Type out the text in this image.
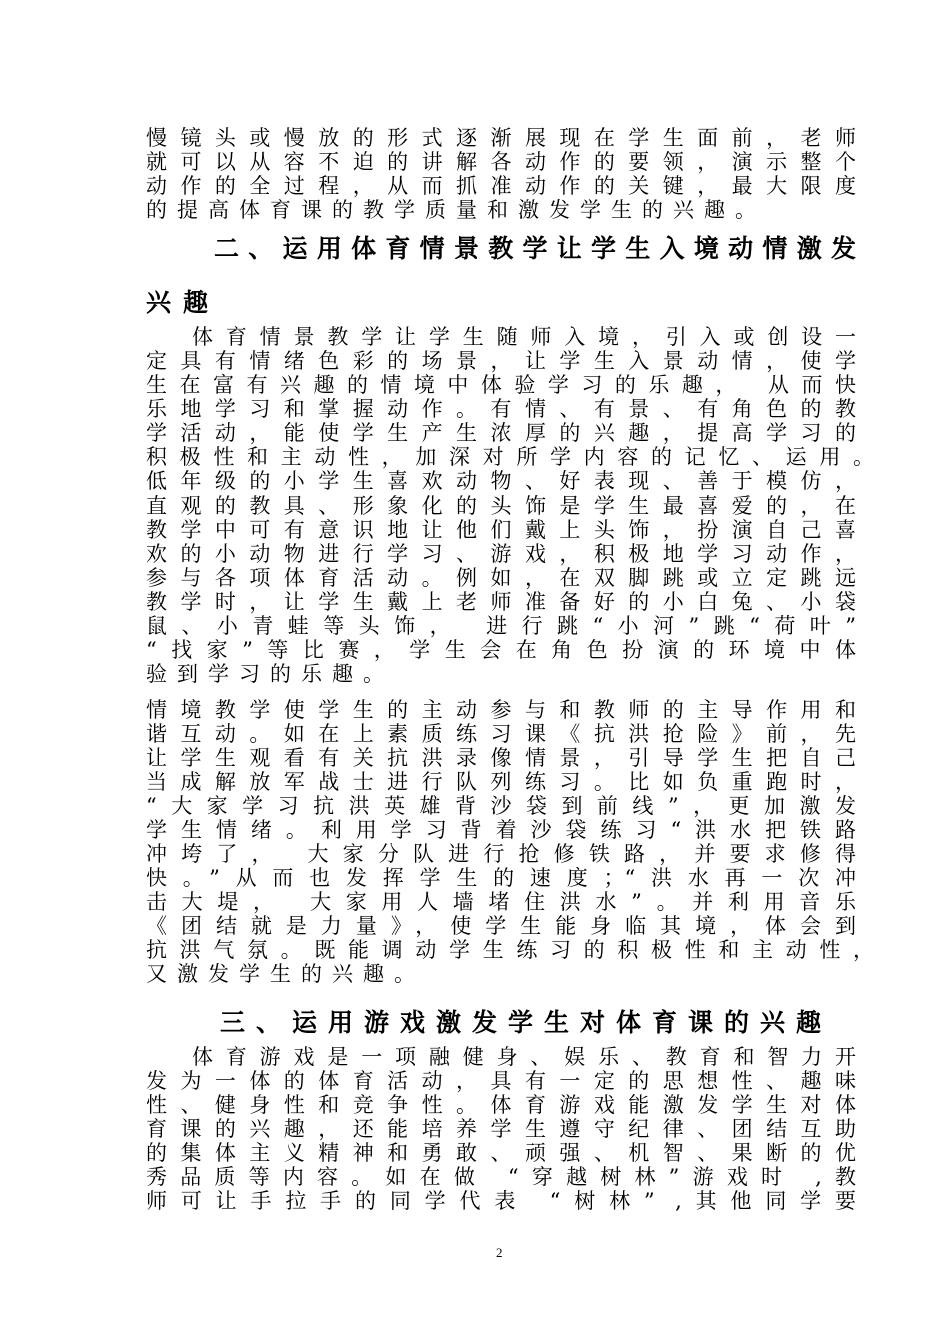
慢镜头或慢放的形式逐渐展现在学生面前，老师
就可以从容不迫的讲解各动作的要领，演示整个
动作的全过程，从而抓准动作的关键，最大限度
的提高体育课的教学质量和激发学生的兴趣。
二、运用体育情景教学让学生入境动情激发
兴趣
体育情景教学让学生随师入境，引入或创设一
定具有情绪色彩的场景，让学生入景动情，使学
生在富有兴趣的情境中体验学习的乐趣， 从而快
乐地学习和掌握动作。有情、有景、有角色的教
学活动，能使学生产生浓厚的兴趣，提高学习的
积极性和主动性，加深对所学内容的记忆、运用。
低年级的小学生喜欢动物、好表现、善于模仿，
直观的教具、形象化的头饰是学生最喜爱的，在
教学中可有意识地让他们戴上头饰，扮演自己喜
欢的小动物进行学习、游戏，积极地学习动作，
参与各项体育活动。例如，在双脚跳或立定跳远
教学时，让学生戴上老师准备好的小白兔、小袋
鼠、小青蛙等头饰， 进行跳“小河”跳“荷叶”
“找家”等比赛，学生会在角色扮演的环境中体
验到学习的乐趣。
情境教学使学生的主动参与和教师的主导作用和
谐互动。如在上素质练习课《抗洪抢险》前，先
让学生观看有关抗洪录像情景，引导学生把自己
当成解放军战士进行队列练习。比如负重跑时，
“大家学习抗洪英雄背沙袋到前线”，更加激发
学生情绪。利用学习背着沙袋练习“洪水把铁路
冲垮了， 大家分队进行抢修铁路，并要求修得
快。”从而也发挥学生的速度；“洪水再一次冲
击大堤， 大家用人墙堵住洪水”。并利用音乐
《团结就是力量》，使学生能身临其境，体会到
抗洪气氛。既能调动学生练习的积极性和主动性，
又激发学生的兴趣。
三、运用游戏激发学生对体育课的兴趣
体育游戏是一项融健身、娱乐、教育和智力开
发为一体的体育活动，具有一定的思想性、趣味
性、健身性和竞争性。体育游戏能激发学生对体
育课的兴趣，还能培养学生遵守纪律、团结互助
的集体主义精神和勇敢、顽强、机智、果断的优
秀品质等内容。如在做 “穿越树林”游戏时 ,教
师可让手拉手的同学代表 “树林” ,其他同学要
2
